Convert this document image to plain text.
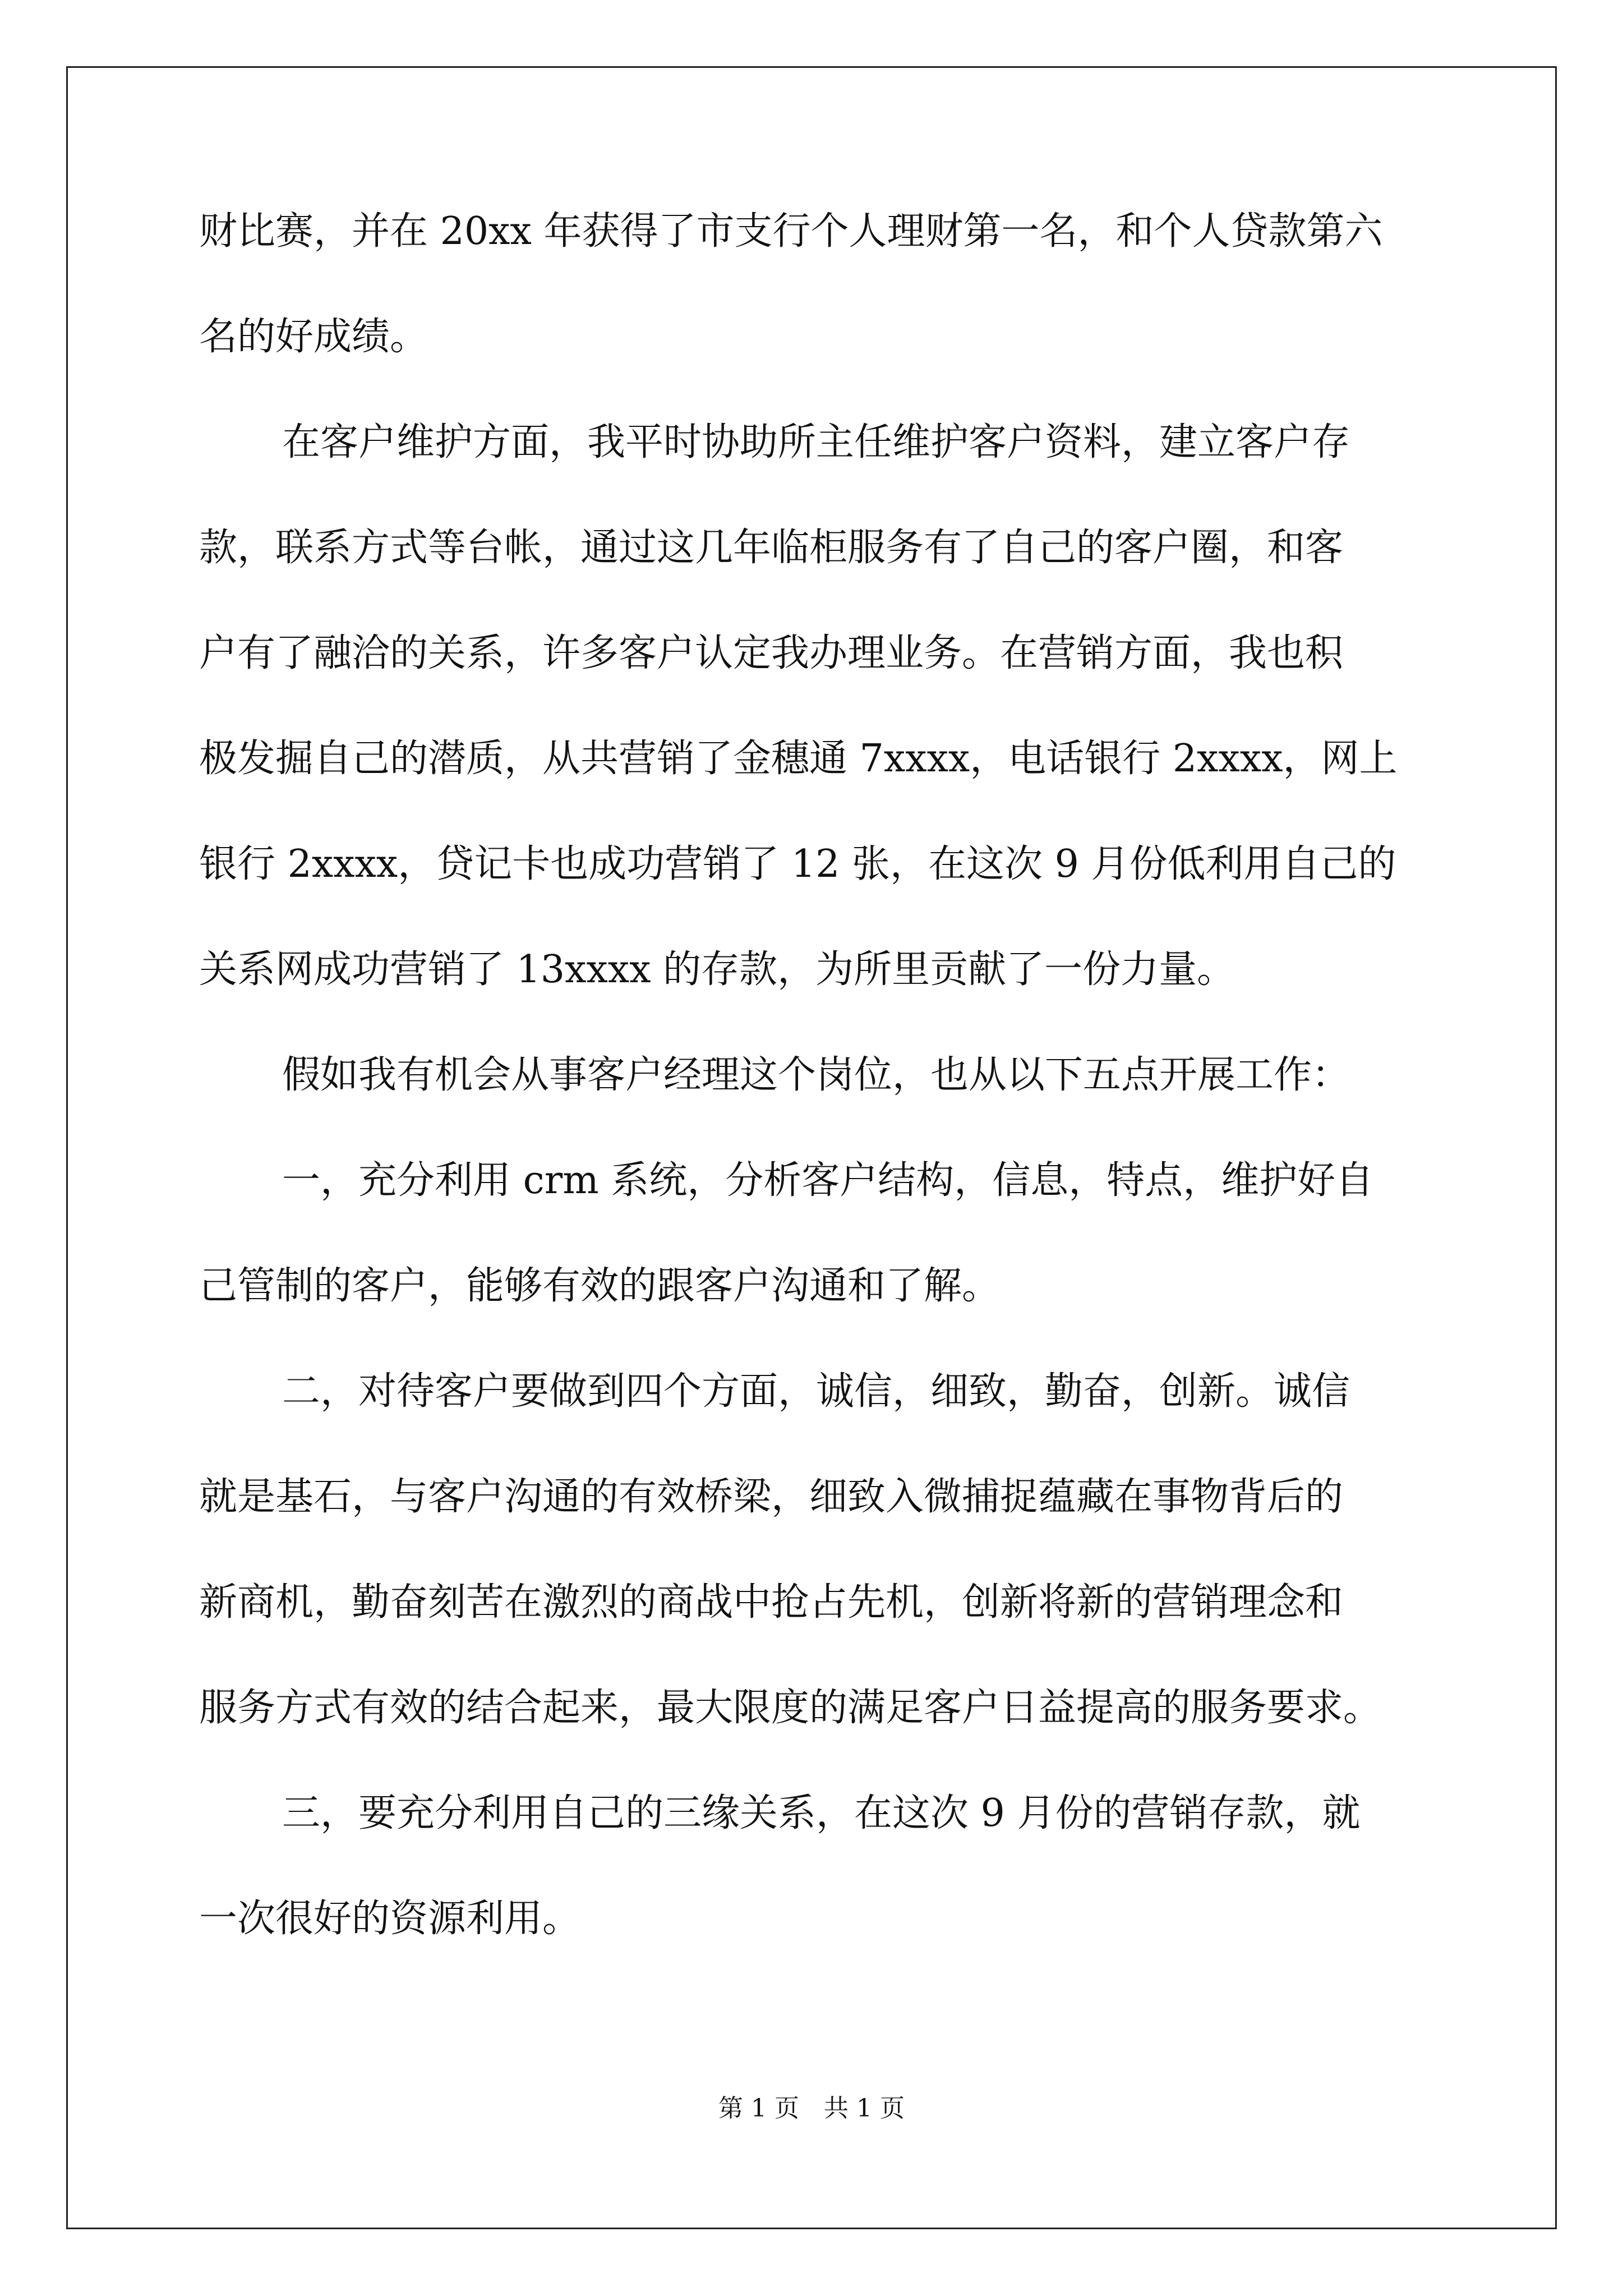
财比赛，并在 20xx 年获得了市支行个人理财第一名，和个人贷款第六
名的好成绩。
在客户维护方面，我平时协助所主任维护客户资料，建立客户存
款，联系方式等台帐，通过这几年临柜服务有了自己的客户圈，和客
户有了融洽的关系，许多客户认定我办理业务。在营销方面，我也积
极发掘自己的潜质，从共营销了金穗通 7xxxx，电话银行 2xxxx，网上
银行 2xxxx，贷记卡也成功营销了 12 张，在这次 9 月份低利用自己的
关系网成功营销了 13xxxx 的存款，为所里贡献了一份力量。
假如我有机会从事客户经理这个岗位，也从以下五点开展工作：
一，充分利用 crm 系统，分析客户结构，信息，特点，维护好自
己管制的客户，能够有效的跟客户沟通和了解。
二，对待客户要做到四个方面，诚信，细致，勤奋，创新。诚信
就是基石，与客户沟通的有效桥梁，细致入微捕捉蕴藏在事物背后的
新商机，勤奋刻苦在激烈的商战中抢占先机，创新将新的营销理念和
服务方式有效的结合起来，最大限度的满足客户日益提高的服务要求。
三，要充分利用自己的三缘关系，在这次 9 月份的营销存款，就
一次很好的资源利用。
第 1 页　共 1 页
